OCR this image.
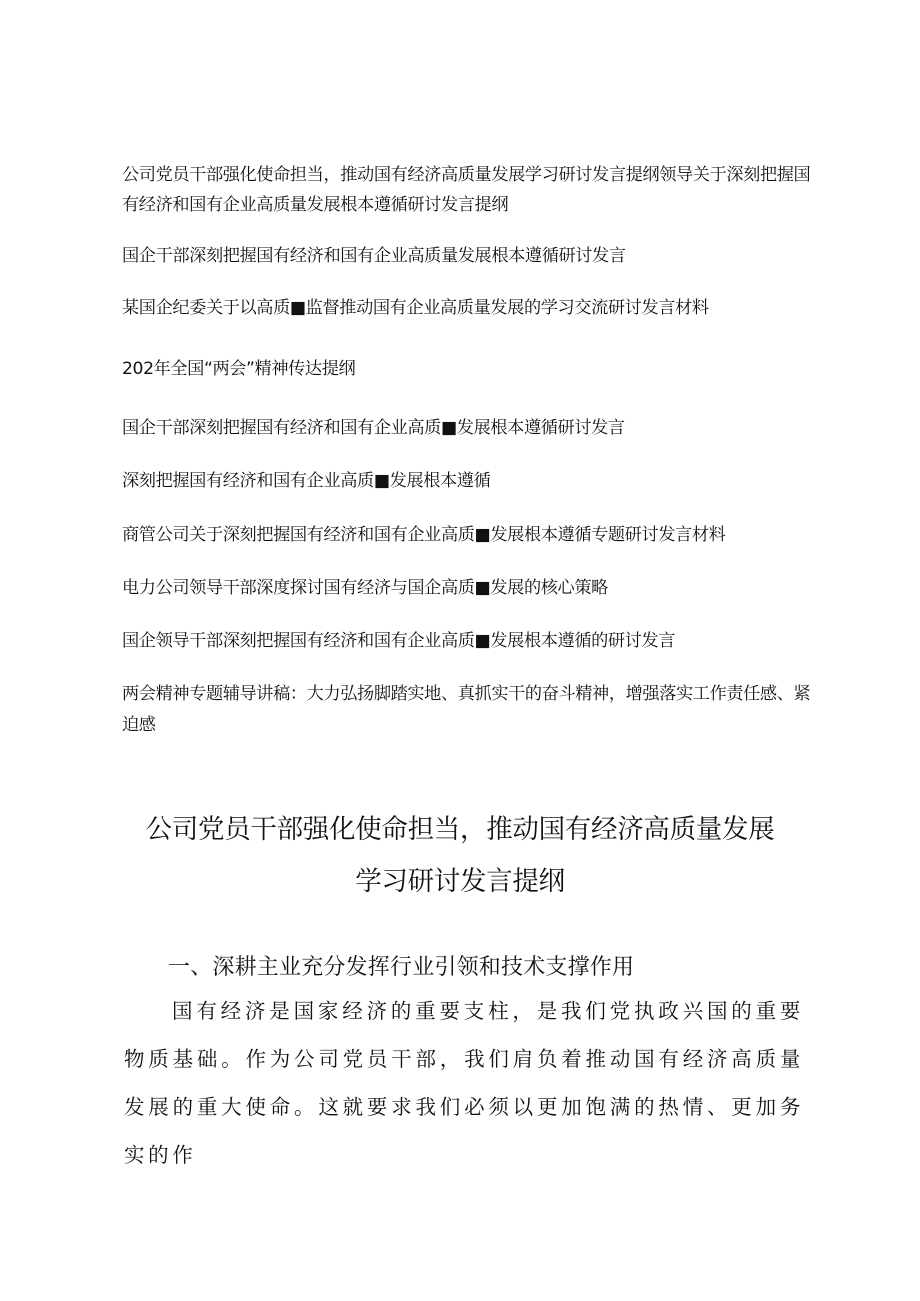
公司党员干部强化使命担当，推动国有经济高质量发展学习研讨发言提纲领导关于深刻把握国有经济和国有企业高质量发展根本遵循研讨发言提纲
国企干部深刻把握国有经济和国有企业高质量发展根本遵循研讨发言
某国企纪委关于以高质■监督推动国有企业高质量发展的学习交流研讨发言材料
202年全国“两会”精神传达提纲
国企干部深刻把握国有经济和国有企业高质■发展根本遵循研讨发言
深刻把握国有经济和国有企业高质■发展根本遵循
商管公司关于深刻把握国有经济和国有企业高质■发展根本遵循专题研讨发言材料
电力公司领导干部深度探讨国有经济与国企高质■发展的核心策略
国企领导干部深刻把握国有经济和国有企业高质■发展根本遵循的研讨发言
两会精神专题辅导讲稿：大力弘扬脚踏实地、真抓实干的奋斗精神，增强落实工作责任感、紧迫感
公司党员干部强化使命担当，推动国有经济高质量发展
学习研讨发言提纲
一、深耕主业充分发挥行业引领和技术支撑作用

国有经济是国家经济的重要支柱，是我们党执政兴国的重要物质基础。作为公司党员干部，我们肩负着推动国有经济高质量发展的重大使命。这就要求我们必须以更加饱满的热情、更加务实的作
